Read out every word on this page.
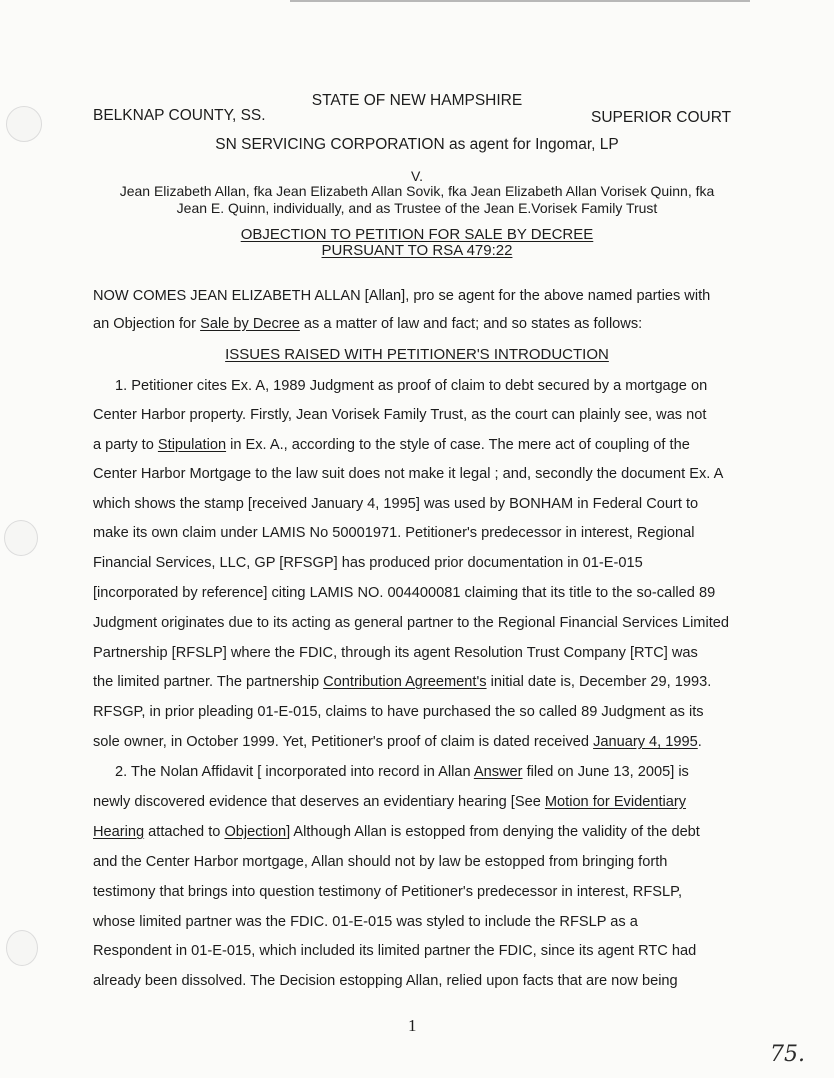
STATE OF NEW HAMPSHIRE
BELKNAP COUNTY, SS.	SUPERIOR COURT
SN SERVICING CORPORATION as agent for Ingomar, LP
V.
Jean Elizabeth Allan, fka Jean Elizabeth Allan Sovik, fka Jean Elizabeth Allan Vorisek Quinn, fka
Jean E. Quinn, individually, and as Trustee of the Jean E.Vorisek Family Trust
OBJECTION TO PETITION FOR SALE BY DECREE
PURSUANT TO RSA 479:22
NOW COMES JEAN ELIZABETH ALLAN [Allan], pro se agent for the above named parties with
an Objection for Sale by Decree as a matter of law and fact; and so states as follows:
ISSUES RAISED WITH PETITIONER'S INTRODUCTION
1. Petitioner cites Ex. A, 1989 Judgment as proof of claim to debt secured by a mortgage on
Center Harbor property. Firstly, Jean Vorisek Family Trust, as the court can plainly see, was not
a party to Stipulation in Ex. A., according to the style of case. The mere act of coupling of the
Center Harbor Mortgage to the law suit does not make it legal ; and, secondly the document Ex. A
which shows the stamp [received January 4, 1995] was used by BONHAM in Federal Court to
make its own claim under LAMIS No 50001971. Petitioner's predecessor in interest, Regional
Financial Services, LLC, GP [RFSGP] has produced prior documentation in 01-E-015
[incorporated by reference] citing LAMIS NO. 004400081 claiming that its title to the so-called 89
Judgment originates due to its acting as general partner to the Regional Financial Services Limited
Partnership [RFSLP] where the FDIC, through its agent Resolution Trust Company [RTC] was
the limited partner. The partnership Contribution Agreement's initial date is, December 29, 1993.
RFSGP, in prior pleading 01-E-015, claims to have purchased the so called 89 Judgment as its
sole owner, in October 1999. Yet, Petitioner's proof of claim is dated received January 4, 1995.
2. The Nolan Affidavit [ incorporated into record in Allan Answer filed on June 13, 2005] is
newly discovered evidence that deserves an evidentiary hearing [See Motion for Evidentiary
Hearing attached to Objection] Although Allan is estopped from denying the validity of the debt
and the Center Harbor mortgage, Allan should not by law be estopped from bringing forth
testimony that brings into question testimony of Petitioner's predecessor in interest, RFSLP,
whose limited partner was the FDIC. 01-E-015 was styled to include the RFSLP as a
Respondent in 01-E-015, which included its limited partner the FDIC, since its agent RTC had
already been dissolved. The Decision estopping Allan, relied upon facts that are now being
1
75.
